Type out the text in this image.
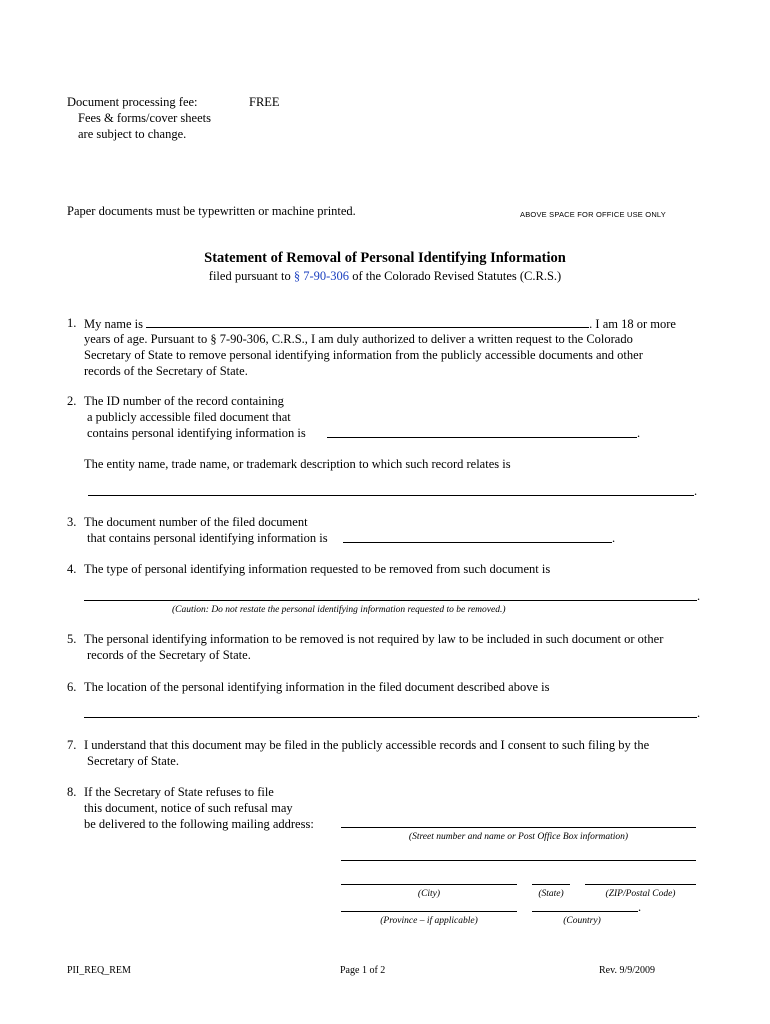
Document processing fee:	FREE
Fees & forms/cover sheets
are subject to change.
Paper documents must be typewritten or machine printed.	ABOVE SPACE FOR OFFICE USE ONLY
Statement of Removal of Personal Identifying Information
filed pursuant to § 7-90-306 of the Colorado Revised Statutes (C.R.S.)
1. My name is	. I am 18 or more
years of age. Pursuant to § 7-90-306, C.R.S., I am duly authorized to deliver a written request to the Colorado
Secretary of State to remove personal identifying information from the publicly accessible documents and other
records of the Secretary of State.
2. The ID number of the record containing
a publicly accessible filed document that
contains personal identifying information is	.
The entity name, trade name, or trademark description to which such record relates is
.
3. The document number of the filed document
that contains personal identifying information is	.
4. The type of personal identifying information requested to be removed from such document is
.
(Caution: Do not restate the personal identifying information requested to be removed.)
5. The personal identifying information to be removed is not required by law to be included in such document or other
records of the Secretary of State.
6. The location of the personal identifying information in the filed document described above is
.
7. I understand that this document may be filed in the publicly accessible records and I consent to such filing by the
Secretary of State.
8. If the Secretary of State refuses to file
this document, notice of such refusal may
be delivered to the following mailing address:
(Street number and name or Post Office Box information)
(City)	(State)	(ZIP/Postal Code)
.
(Province – if applicable)	(Country)
PII_REQ_REM	Page 1 of 2	Rev. 9/9/2009
